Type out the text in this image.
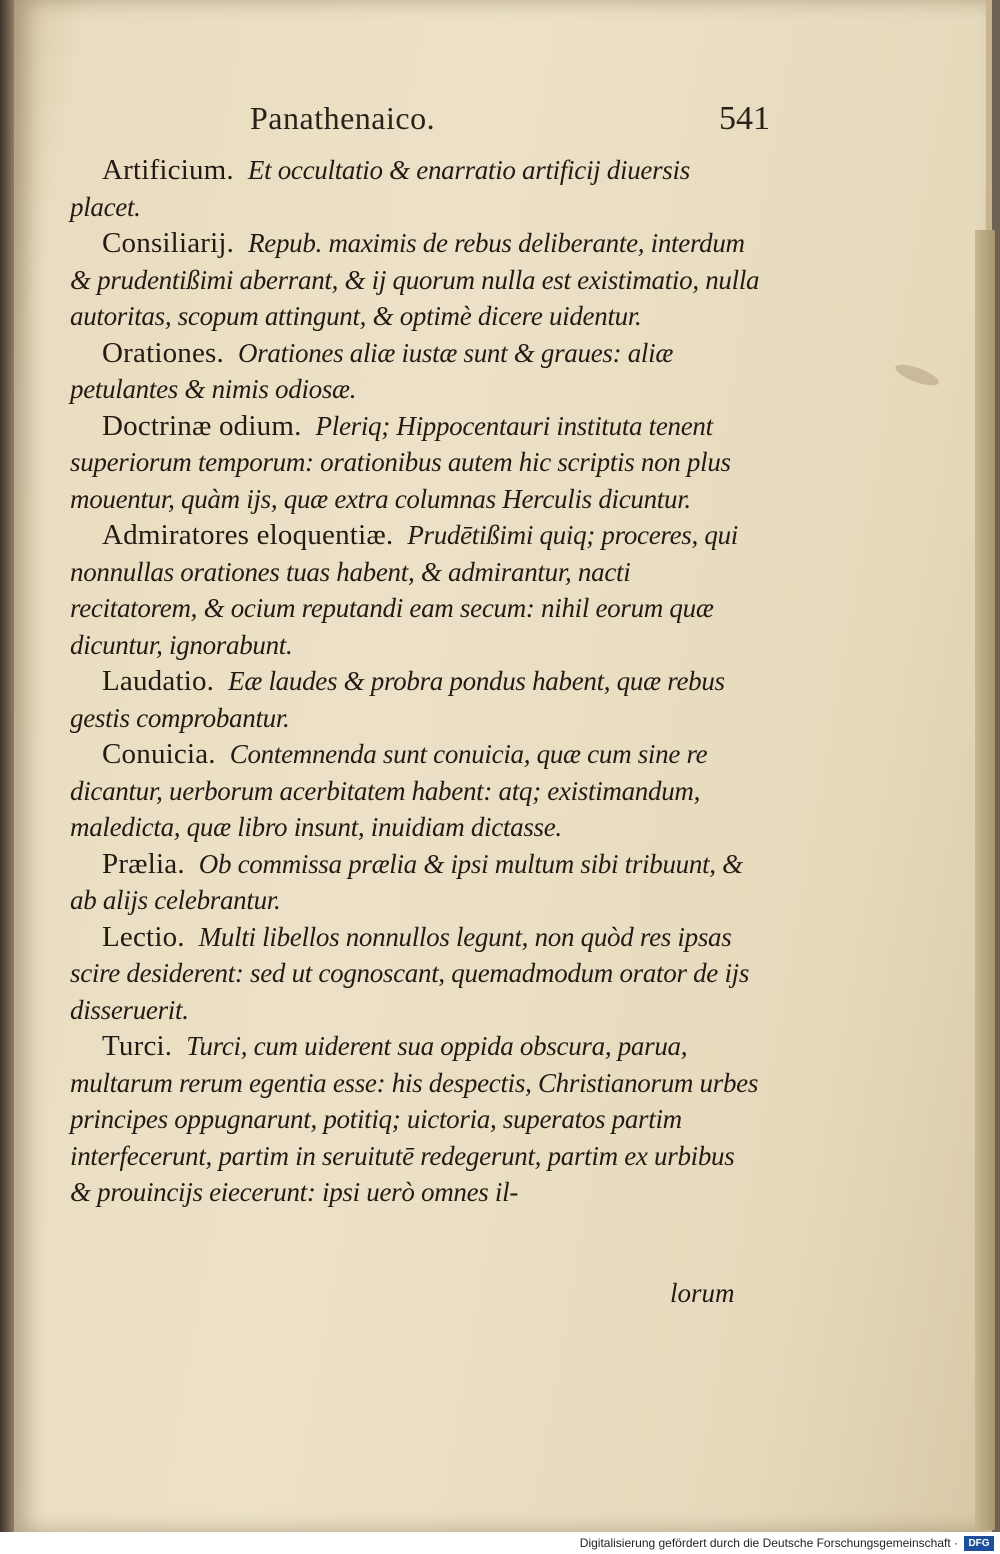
Panathenaico.	541

Artificium. Et occultatio & enarratio artificij diuersis placet.

Consiliarij. Repub. maximis de rebus deliberante, interdum & prudentißimi aberrant, & ij quorum nulla est existimatio, nulla autoritas, scopum attingunt, & optimè dicere uidentur.

Orationes. Orationes aliæ iustæ sunt & graues: aliæ petulantes & nimis odiosæ.

Doctrinæ odium. Pleriq; Hippocentauri instituta tenent superiorum temporum: orationibus autem hic scriptis non plus mouentur, quàm ijs, quæ extra columnas Herculis dicuntur.

Admiratores eloquentiæ. Prudētißimi quiq; proceres, qui nonnullas orationes tuas habent, & admirantur, nacti recitatorem, & ocium reputandi eam secum: nihil eorum quæ dicuntur, ignorabunt.

Laudatio. Eæ laudes & probra pondus habent, quæ rebus gestis comprobantur.

Conuicia. Contemnenda sunt conuicia, quæ cum sine re dicantur, uerborum acerbitatem habent: atq; existimandum, maledicta, quæ libro insunt, inuidiam dictasse.

Prælia. Ob commissa prælia & ipsi multum sibi tribuunt, & ab alijs celebrantur.

Lectio. Multi libellos nonnullos legunt, non quòd res ipsas scire desiderent: sed ut cognoscant, quemadmodum orator de ijs disseruerit.

Turci. Turci, cum uiderent sua oppida obscura, parua, multarum rerum egentia esse: his despectis, Christianorum urbes principes oppugnarunt, potitiq; uictoria, superatos partim interfecerunt, partim in seruitutē redegerunt, partim ex urbibus & prouincijs eiecerunt: ipsi uerò omnes il-

lorum
Digitalisierung gefördert durch die Deutsche Forschungsgemeinschaft ·	DFG
